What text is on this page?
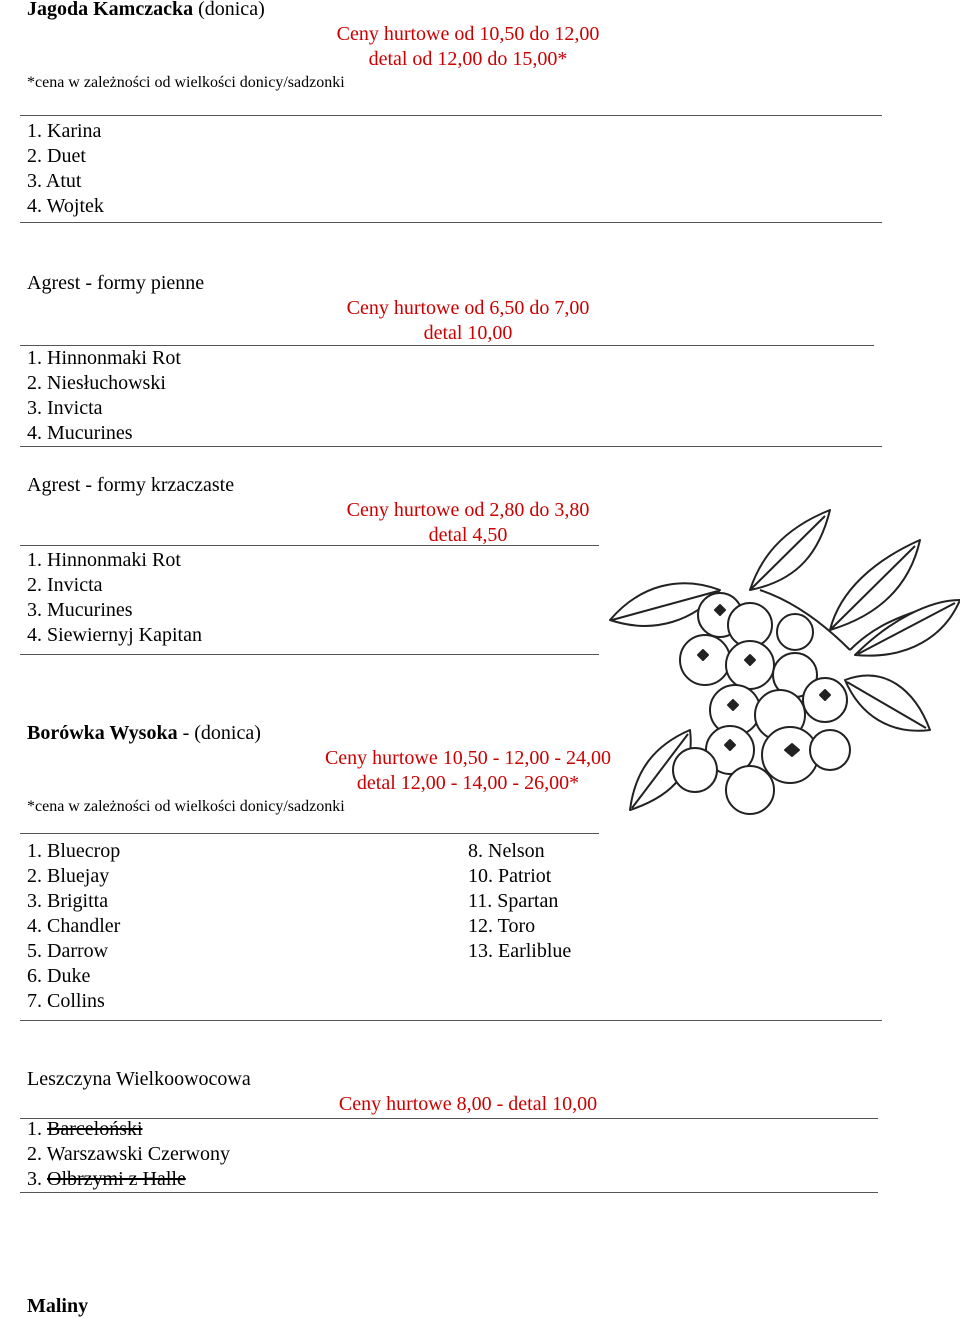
Jagoda Kamczacka (donica)
Ceny hurtowe od 10,50 do 12,00
detal od 12,00 do 15,00*
*cena w zależności od wielkości donicy/sadzonki
1. Karina
2. Duet
3. Atut
4. Wojtek
Agrest - formy pienne
Ceny hurtowe od 6,50 do 7,00
detal 10,00
1. Hinnonmaki Rot
2. Niesłuchowski
3. Invicta
4. Mucurines
Agrest - formy krzaczaste
Ceny hurtowe od 2,80 do 3,80
detal 4,50
1. Hinnonmaki Rot
2. Invicta
3. Mucurines
4. Siewiernyj Kapitan
Borówka Wysoka - (donica)
Ceny hurtowe 10,50 - 12,00 - 24,00
detal 12,00 - 14,00 - 26,00*
*cena w zależności od wielkości donicy/sadzonki
1. Bluecrop
2. Bluejay
3. Brigitta
4. Chandler
5. Darrow
6. Duke
7. Collins
8. Nelson
10. Patriot
11. Spartan
12. Toro
13. Earliblue
Leszczyna Wielkoowocowa
Ceny hurtowe 8,00 - detal 10,00
1. Barcelоński
2. Warszawski Czerwony
3. Olbrzymi z Halle
Maliny
